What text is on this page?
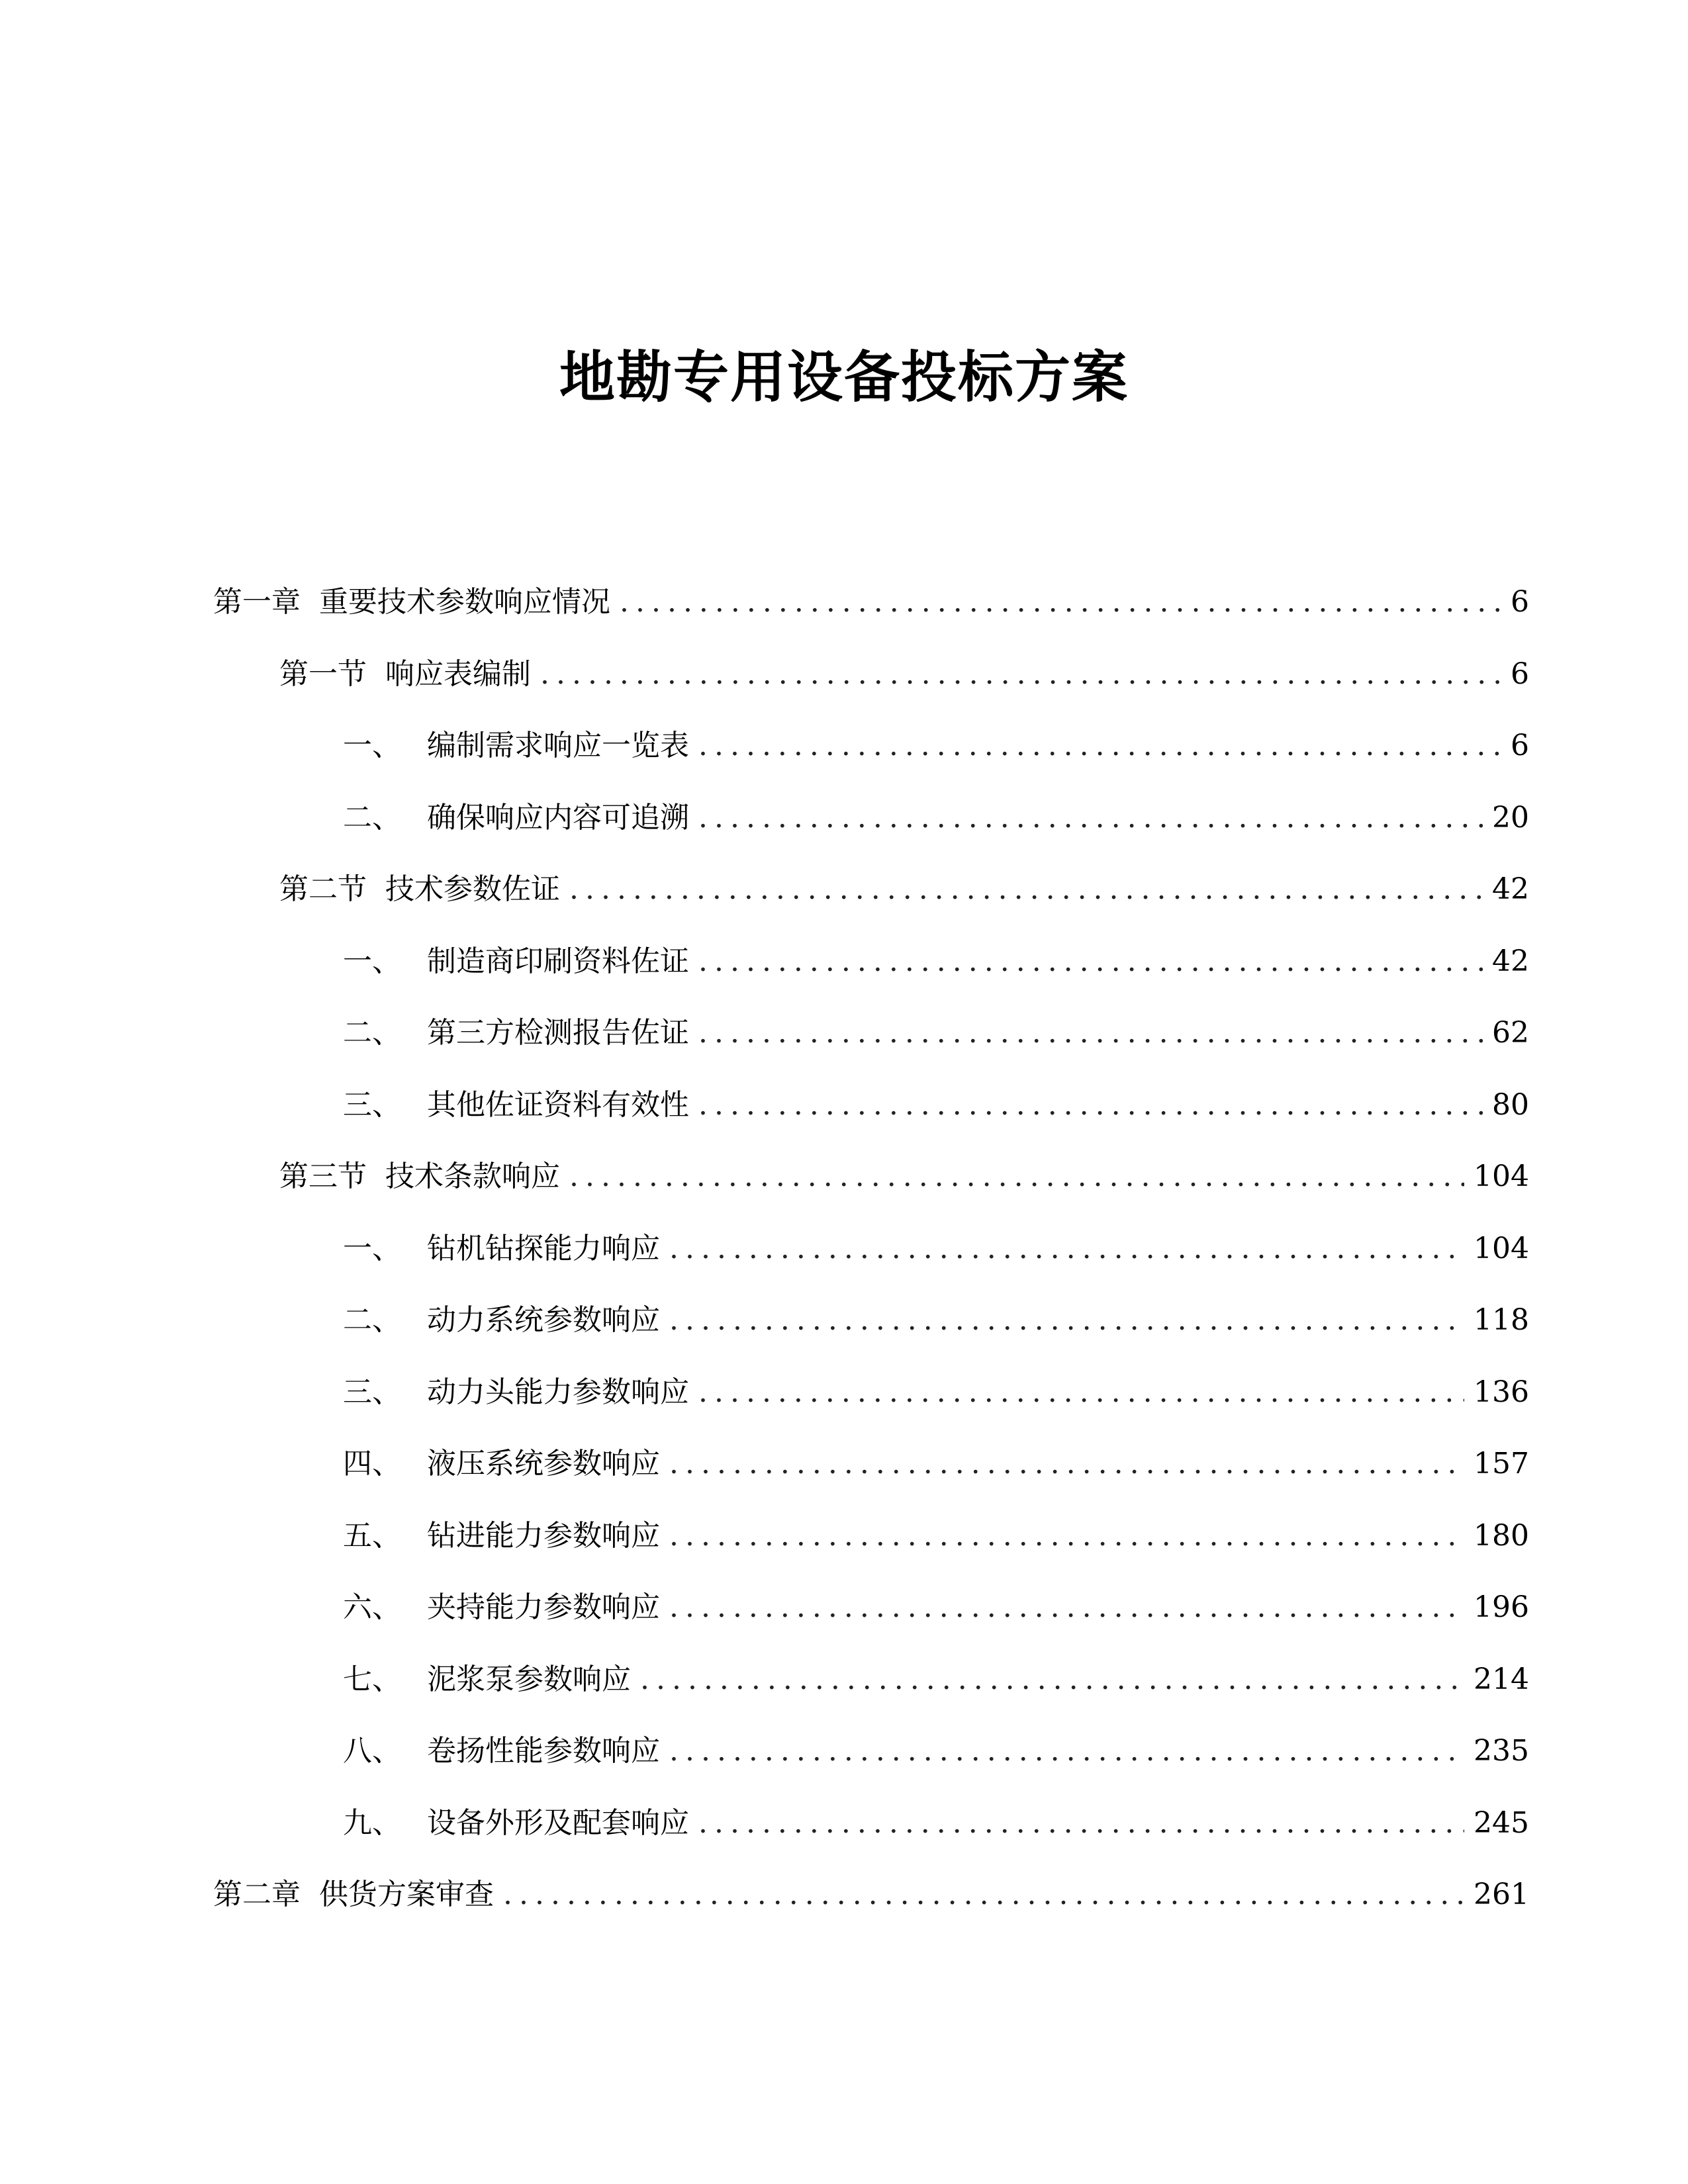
地勘专用设备投标方案
第一章 重要技术参数响应情况 .....	6
第一节 响应表编制 .....	6
一、 编制需求响应一览表 .....	6
二、 确保响应内容可追溯 .....	20
第二节 技术参数佐证 .....	42
一、 制造商印刷资料佐证 .....	42
二、 第三方检测报告佐证 .....	62
三、 其他佐证资料有效性 .....	80
第三节 技术条款响应 .....	104
一、 钻机钻探能力响应 .....	104
二、 动力系统参数响应 .....	118
三、 动力头能力参数响应 .....	136
四、 液压系统参数响应 .....	157
五、 钻进能力参数响应 .....	180
六、 夹持能力参数响应 .....	196
七、 泥浆泵参数响应 .....	214
八、 卷扬性能参数响应 .....	235
九、 设备外形及配套响应 .....	245
第二章 供货方案审查 .....	261
